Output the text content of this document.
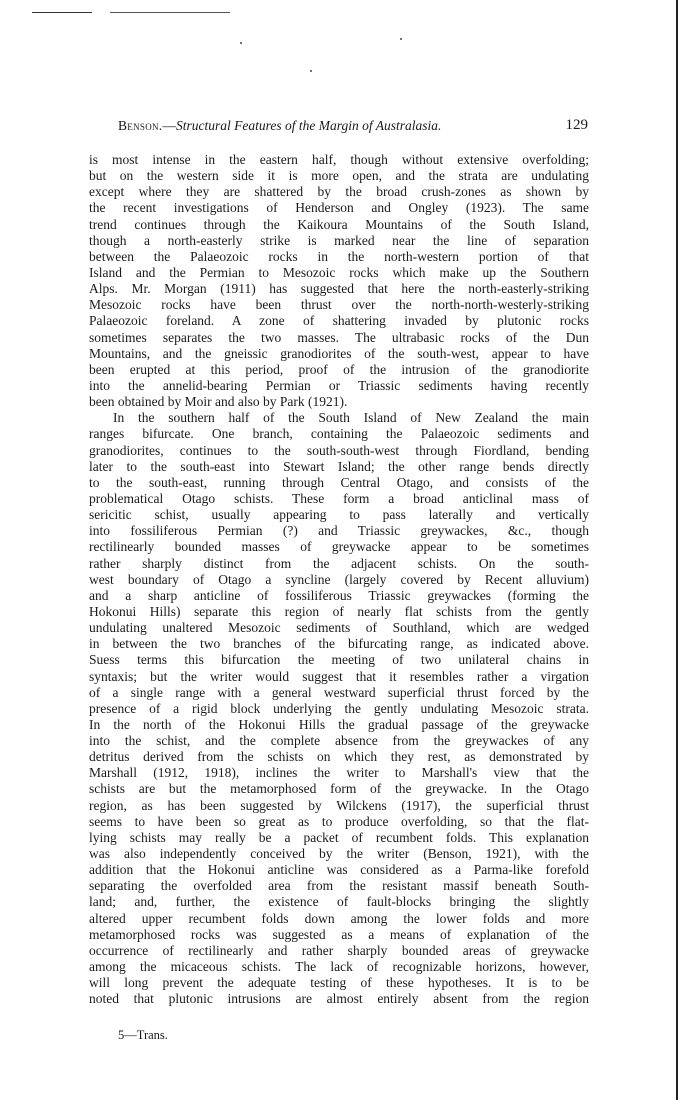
Benson.—Structural Features of the Margin of Australasia.	129
is most intense in the eastern half, though without extensive overfolding;
but on the western side it is more open, and the strata are undulating
except where they are shattered by the broad crush-zones as shown by
the recent investigations of Henderson and Ongley (1923). The same
trend continues through the Kaikoura Mountains of the South Island,
though a north-easterly strike is marked near the line of separation
between the Palaeozoic rocks in the north-western portion of that
Island and the Permian to Mesozoic rocks which make up the Southern
Alps. Mr. Morgan (1911) has suggested that here the north-easterly-striking
Mesozoic rocks have been thrust over the north-north-westerly-striking
Palaeozoic foreland. A zone of shattering invaded by plutonic rocks
sometimes separates the two masses. The ultrabasic rocks of the Dun
Mountains, and the gneissic granodiorites of the south-west, appear to have
been erupted at this period, proof of the intrusion of the granodiorite
into the annelid-bearing Permian or Triassic sediments having recently
been obtained by Moir and also by Park (1921).
In the southern half of the South Island of New Zealand the main
ranges bifurcate. One branch, containing the Palaeozoic sediments and
granodiorites, continues to the south-south-west through Fiordland, bending
later to the south-east into Stewart Island; the other range bends directly
to the south-east, running through Central Otago, and consists of the
problematical Otago schists. These form a broad anticlinal mass of
sericitic schist, usually appearing to pass laterally and vertically
into fossiliferous Permian (?) and Triassic greywackes, &c., though
rectilinearly bounded masses of greywacke appear to be sometimes
rather sharply distinct from the adjacent schists. On the south-
west boundary of Otago a syncline (largely covered by Recent alluvium)
and a sharp anticline of fossiliferous Triassic greywackes (forming the
Hokonui Hills) separate this region of nearly flat schists from the gently
undulating unaltered Mesozoic sediments of Southland, which are wedged
in between the two branches of the bifurcating range, as indicated above.
Suess terms this bifurcation the meeting of two unilateral chains in
syntaxis; but the writer would suggest that it resembles rather a virgation
of a single range with a general westward superficial thrust forced by the
presence of a rigid block underlying the gently undulating Mesozoic strata.
In the north of the Hokonui Hills the gradual passage of the greywacke
into the schist, and the complete absence from the greywackes of any
detritus derived from the schists on which they rest, as demonstrated by
Marshall (1912, 1918), inclines the writer to Marshall's view that the
schists are but the metamorphosed form of the greywacke. In the Otago
region, as has been suggested by Wilckens (1917), the superficial thrust
seems to have been so great as to produce overfolding, so that the flat-
lying schists may really be a packet of recumbent folds. This explanation
was also independently conceived by the writer (Benson, 1921), with the
addition that the Hokonui anticline was considered as a Parma-like forefold
separating the overfolded area from the resistant massif beneath South-
land; and, further, the existence of fault-blocks bringing the slightly
altered upper recumbent folds down among the lower folds and more
metamorphosed rocks was suggested as a means of explanation of the
occurrence of rectilinearly and rather sharply bounded areas of greywacke
among the micaceous schists. The lack of recognizable horizons, however,
will long prevent the adequate testing of these hypotheses. It is to be
noted that plutonic intrusions are almost entirely absent from the region
5—Trans.
